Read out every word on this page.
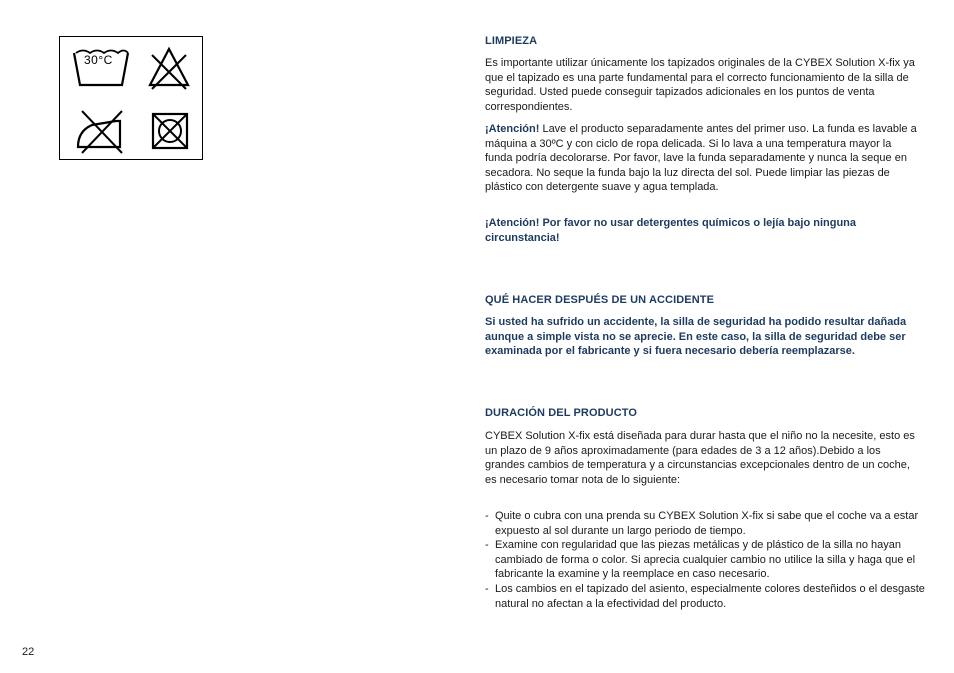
30°C
LIMPIEZA

Es importante utilizar únicamente los tapizados originales de la CYBEX Solution X-fix ya que el tapizado es una parte fundamental para el correcto funcionamiento de la silla de seguridad. Usted puede conseguir tapizados adicionales en los puntos de venta correspondientes.

¡Atención! Lave el producto separadamente antes del primer uso. La funda es lavable a máquina a 30ºC y con ciclo de ropa delicada. Si lo lava a una temperatura mayor la funda podría decolorarse. Por favor, lave la funda separadamente y nunca la seque en secadora. No seque la funda bajo la luz directa del sol. Puede limpiar las piezas de plástico con detergente suave y agua templada.

¡Atención! Por favor no usar detergentes químicos o lejía bajo ninguna circunstancia!
QUÉ HACER DESPUÉS DE UN ACCIDENTE
Si usted ha sufrido un accidente, la silla de seguridad ha podido resultar dañada aunque a simple vista no se aprecie. En este caso, la silla de seguridad debe ser examinada por el fabricante y si fuera necesario debería reemplazarse.
DURACIÓN DEL PRODUCTO
CYBEX Solution X-fix está diseñada para durar hasta que el niño no la necesite, esto es un plazo de 9 años aproximadamente (para edades de 3 a 12 años).Debido a los grandes cambios de temperatura y a circunstancias excepcionales dentro de un coche, es necesario tomar nota de lo siguiente:
- Quite o cubra con una prenda su CYBEX Solution X-fix si sabe que el coche va a estar expuesto al sol durante un largo periodo de tiempo.
- Examine con regularidad que las piezas metálicas y de plástico de la silla no hayan cambiado de forma o color. Si aprecia cualquier cambio no utilice la silla y haga que el fabricante la examine y la reemplace en caso necesario.
- Los cambios en el tapizado del asiento, especialmente colores desteñidos o el desgaste natural no afectan a la efectividad del producto.
22
